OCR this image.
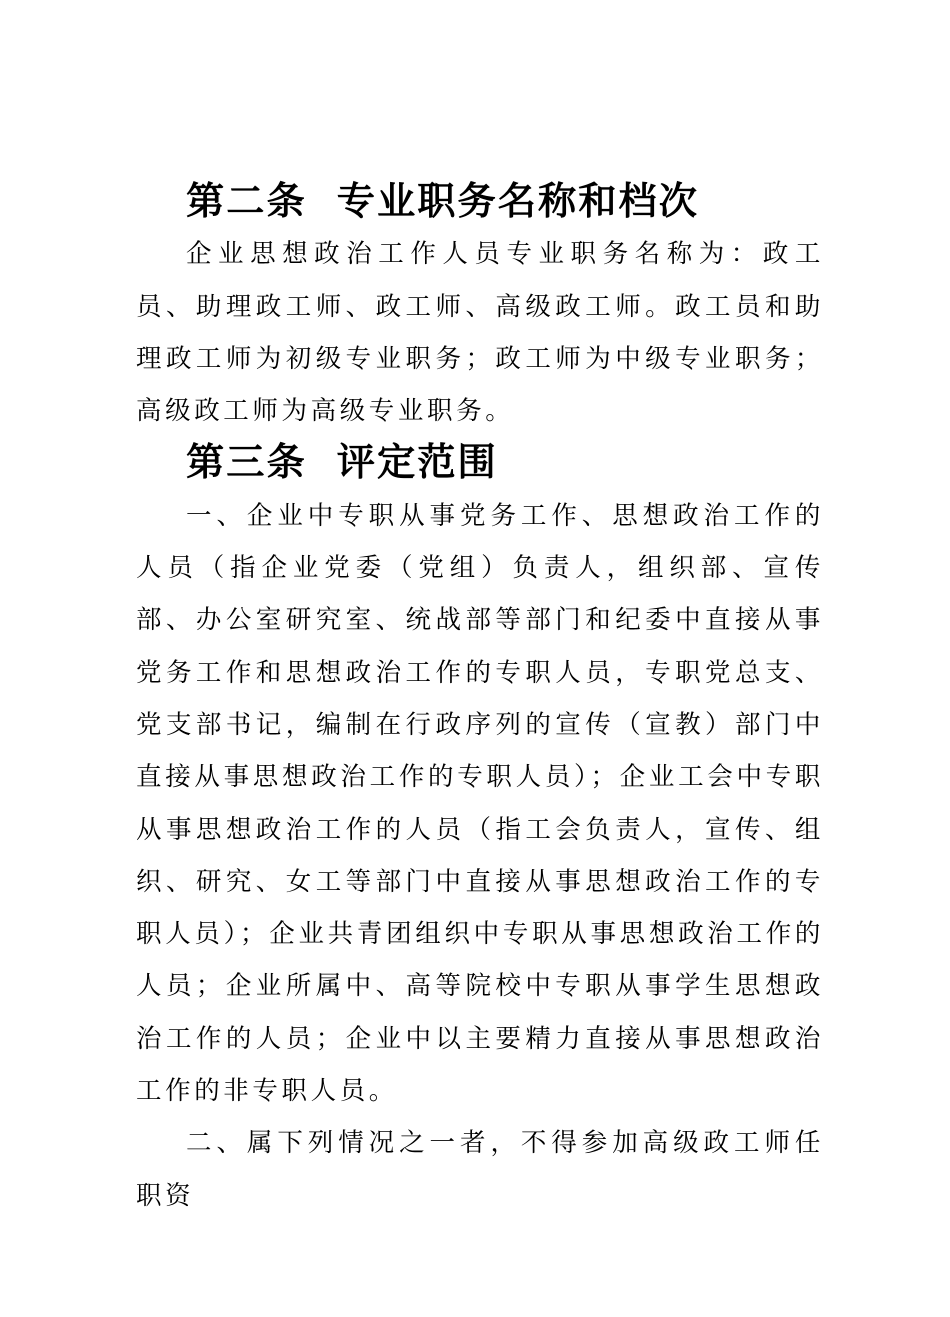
第二条 专业职务名称和档次

企业思想政治工作人员专业职务名称为：政工员、助理政工师、政工师、高级政工师。政工员和助理政工师为初级专业职务；政工师为中级专业职务；高级政工师为高级专业职务。

第三条 评定范围

一、企业中专职从事党务工作、思想政治工作的人员（指企业党委（党组）负责人，组织部、宣传部、办公室研究室、统战部等部门和纪委中直接从事党务工作和思想政治工作的专职人员，专职党总支、党支部书记，编制在行政序列的宣传（宣教）部门中直接从事思想政治工作的专职人员）；企业工会中专职从事思想政治工作的人员（指工会负责人，宣传、组织、研究、女工等部门中直接从事思想政治工作的专职人员）；企业共青团组织中专职从事思想政治工作的人员；企业所属中、高等院校中专职从事学生思想政治工作的人员；企业中以主要精力直接从事思想政治工作的非专职人员。

二、属下列情况之一者，不得参加高级政工师任职资
